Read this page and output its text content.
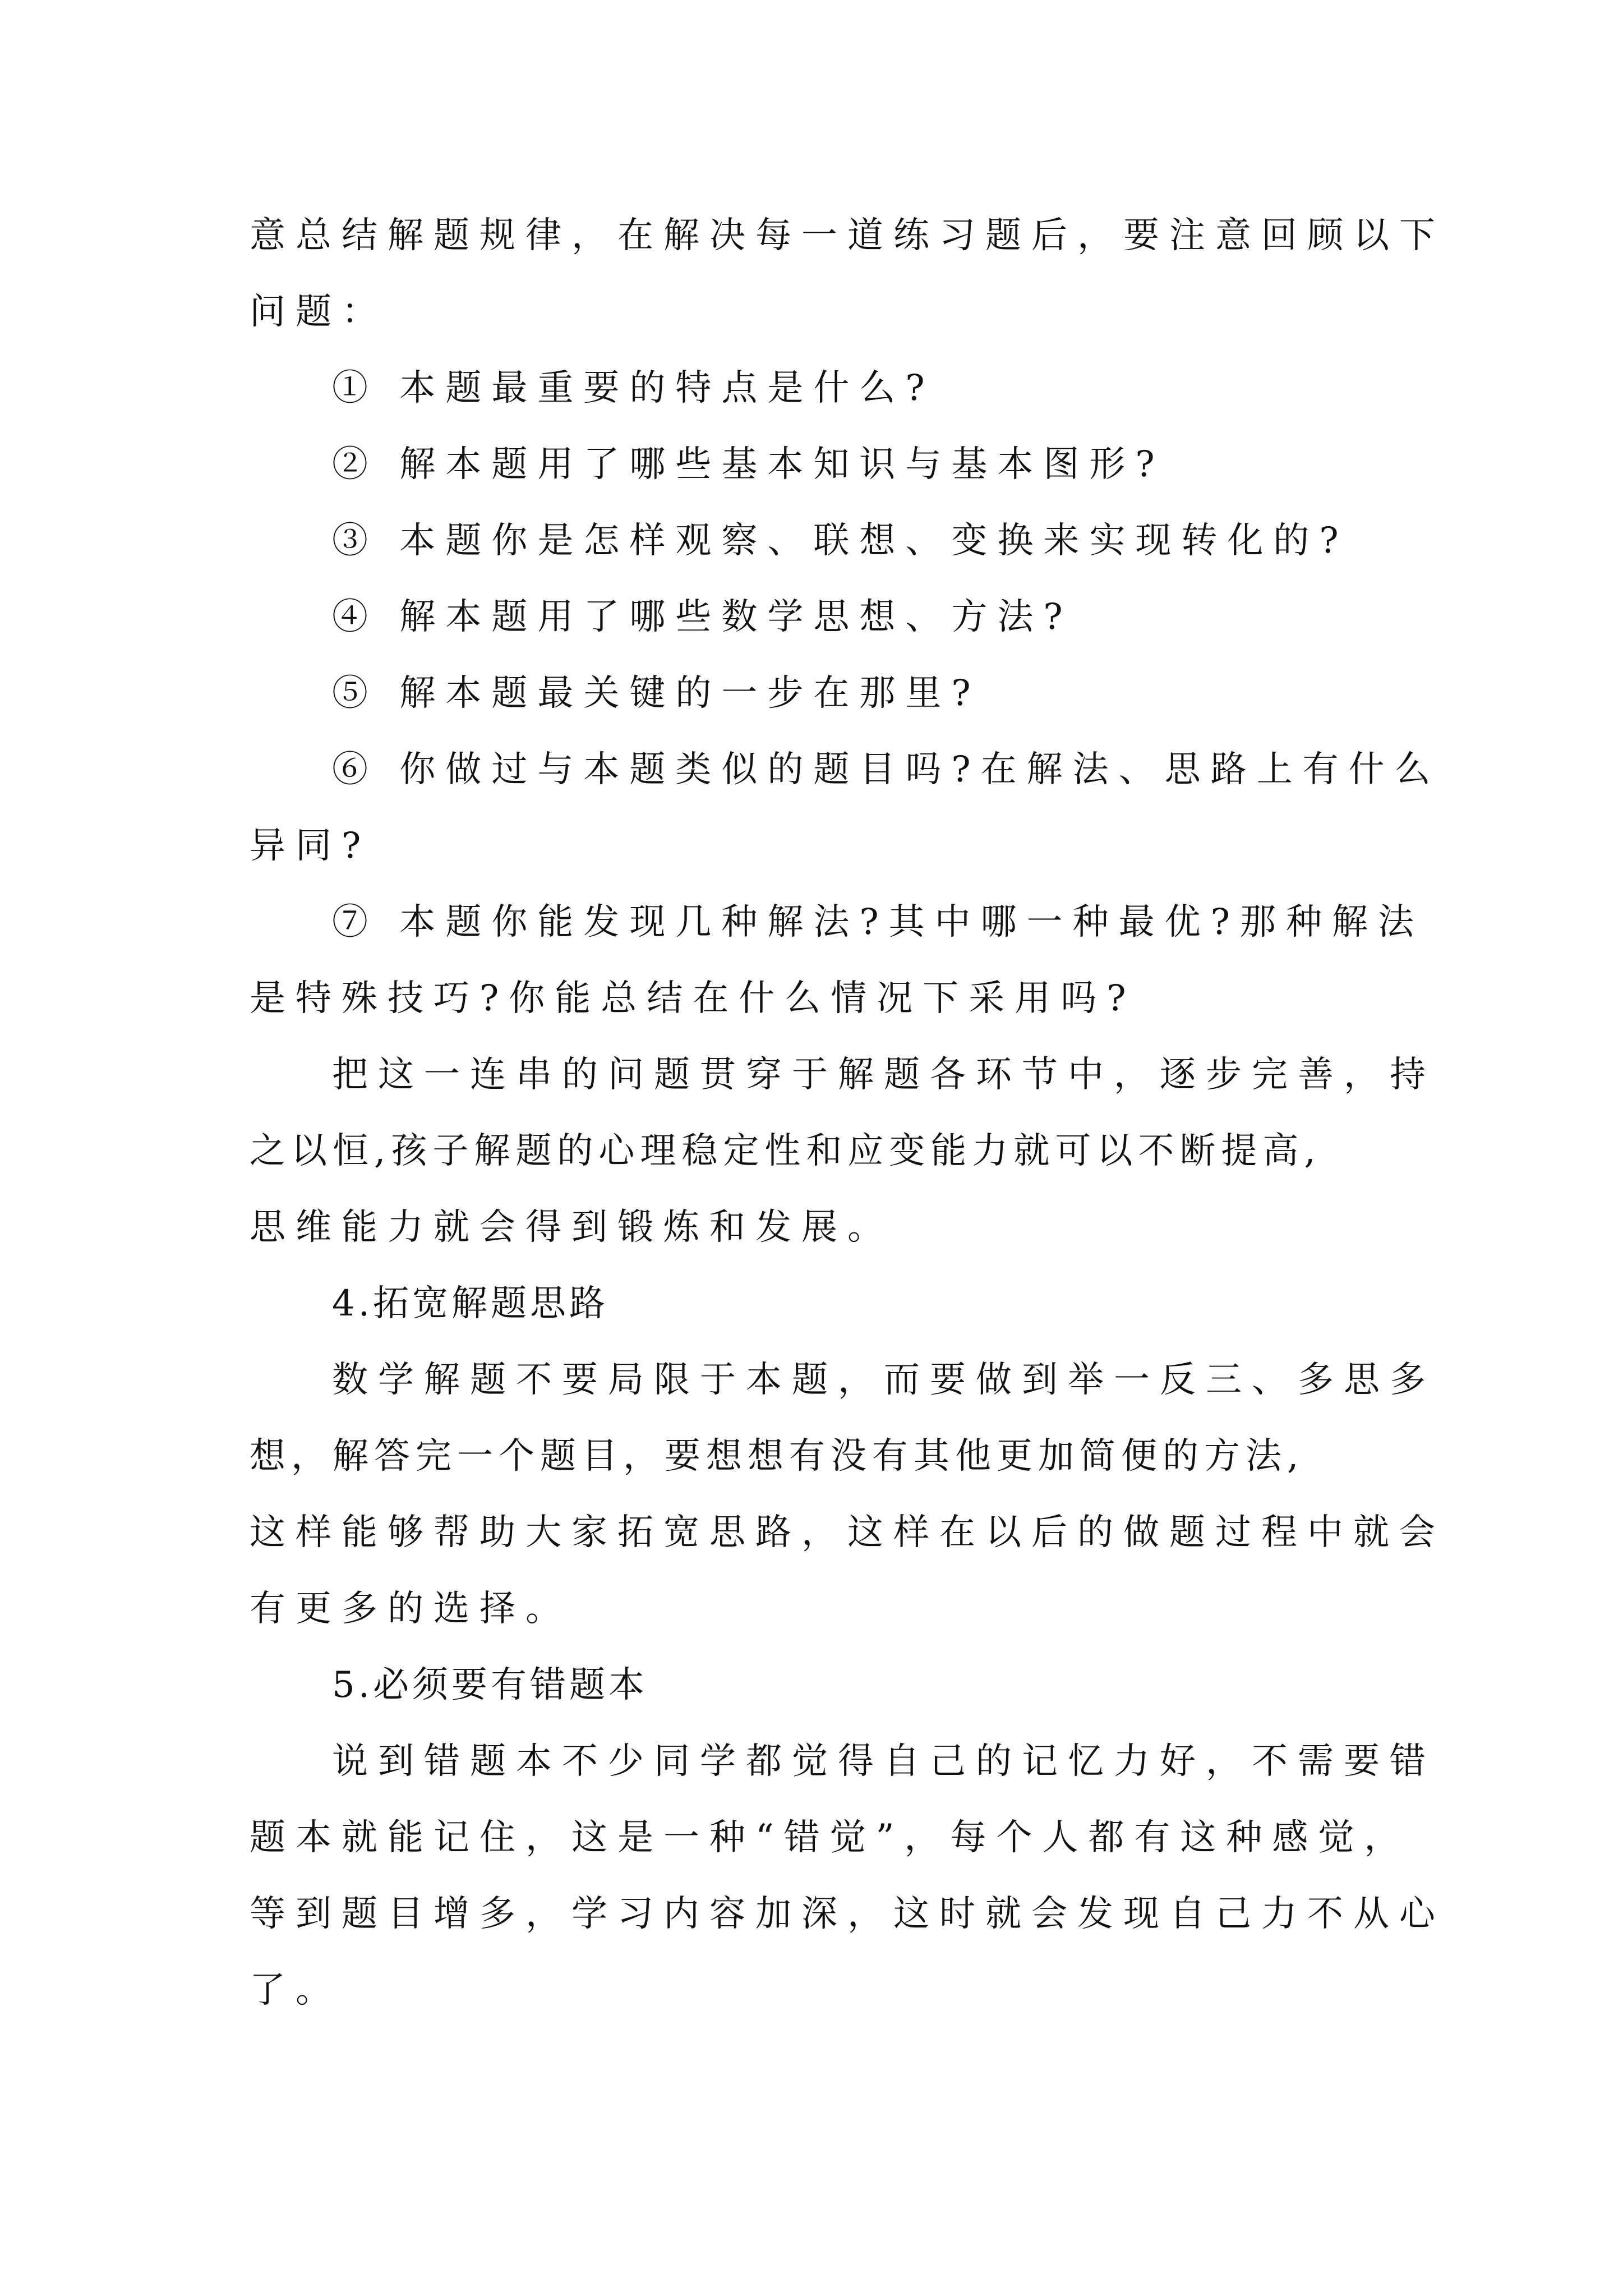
意总结解题规律，在解决每一道练习题后，要注意回顾以下
问题：
① 本题最重要的特点是什么?
② 解本题用了哪些基本知识与基本图形?
③ 本题你是怎样观察、联想、变换来实现转化的?
④ 解本题用了哪些数学思想、方法?
⑤ 解本题最关键的一步在那里?
⑥ 你做过与本题类似的题目吗?在解法、思路上有什么
异同?
⑦ 本题你能发现几种解法?其中哪一种最优?那种解法
是特殊技巧?你能总结在什么情况下采用吗?
把这一连串的问题贯穿于解题各环节中，逐步完善，持
之以恒,孩子解题的心理稳定性和应变能力就可以不断提高,
思维能力就会得到锻炼和发展。
4.拓宽解题思路
数学解题不要局限于本题，而要做到举一反三、多思多
想，解答完一个题目，要想想有没有其他更加简便的方法,
这样能够帮助大家拓宽思路，这样在以后的做题过程中就会
有更多的选择。
5.必须要有错题本
说到错题本不少同学都觉得自己的记忆力好，不需要错
题本就能记住，这是一种“错觉”，每个人都有这种感觉，
等到题目增多，学习内容加深，这时就会发现自己力不从心
了。
